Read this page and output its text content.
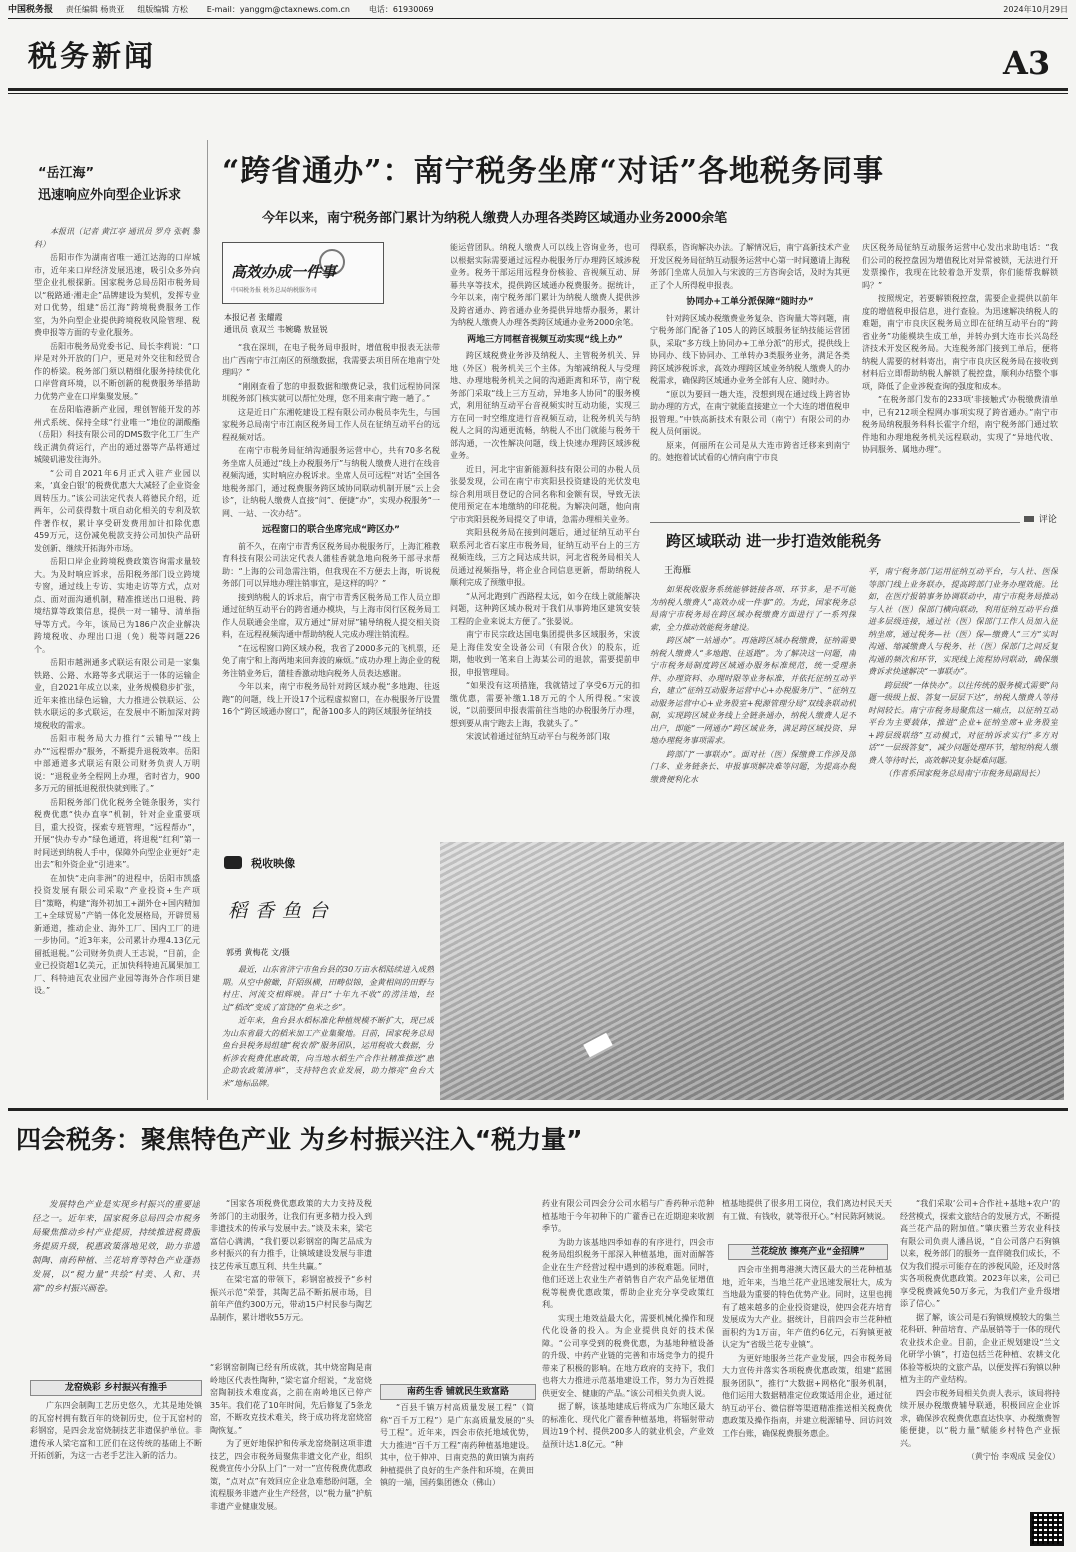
中国税务报 责任编辑 杨贵亚 组版编辑 方松 E-mail：yanggm@ctaxnews.com.cn 电话：61930069	2024年10月29日
税务新闻	A3
“岳江海”
迅速响应外向型企业诉求

本报讯（记者 黄江亭 通讯员 罗舟 张帆 黎科）

岳阳市作为湖南省唯一通江达海的口岸城市，近年来口岸经济发展迅速，吸引众多外向型企业扎根探新。国家税务总局岳阳市税务局以“税路通·湘走企”品牌建设为契机，发挥专业对口优势，组建“岳江海”跨境税费服务工作室，为外向型企业提供跨境税收风险管理、税费申报等方面的专业化服务。

岳阳市税务局党委书记、局长李莉说：“口岸是对外开放的门户，更是对外交往和经贸合作的桥梁。税务部门须以精细化服务持续优化口岸营商环境，以不断创新的税费服务举措助力优势产业在口岸集聚发展。”

在岳阳临港新产业园，理创智能开发的苏州式系统、保持全球“行业唯一”地位的湖酸酯（岳阳）科技有限公司的DMS数字化工厂生产线正满负荷运行，产出的通过器等产品将通过城陵矶港发往海外。

“公司自2021年6月正式入驻产业园以来，‘真金白银’的税费优惠大大减轻了企业资金周转压力。”该公司法定代表人蒋德民介绍，近两年，公司获得数十项自动化相关的专利及软件著作权，累计享受研发费用加计扣除优惠459万元，这份减免税款支持公司加快产品研发创新、继续开拓海外市场。

岳阳口岸企业跨境税费政策咨询需求量较大。为及时响应诉求，岳阳税务部门设立跨境专窗，通过线上专访、实地走访等方式，点对点、面对面沟通机制，精准推送出口退税、跨境结算等政策信息，提供一对一辅导、清单指导等方式。今年，该局已为186户次企业解决跨境税收、办理出口退（免）税等问题226个。

岳阳市越洲通多式联运有限公司是一家集铁路、公路、水路等多式联运于一体的运输企业，自2021年成立以来，业务规模稳步扩张，近年来推出绿色运输，大力推进公铁联运、公铁水联运的多式联运，在发展中不断加深对跨境税收的需求。

岳阳市税务局大力推行“云辅导”“线上办”“远程帮办”服务，不断提升退税效率。岳阳中部通道多式联运有限公司财务负责人万明说：“退税业务全程网上办理，省时省力，900多万元的留抵退税很快就到账了。”

岳阳税务部门优化税务全链条服务，实行税费优惠“快办直享”机制，针对企业重要项目，重大投资，探索专班管理，“远程帮办”，开展“快办专办”绿色通道，将退税“红利”第一时间送到纳税人手中，保障外向型企业更好“走出去”和外资企业“引进来”。

在加快“走向非洲”的进程中，岳阳市凯盛投资发展有限公司采取“产业投资+生产项目”策略，构建“海外初加工+湖外仓+国内精加工+全球贸易”产销一体化发展格局，开辟贸易新通道，推动企业、海外工厂、国内工厂的进一步协同。“近3年来，公司累计办理4.13亿元留抵退税。”公司财务负责人王志说，“目前，企业已投资超1亿美元，正加快科特迪瓦属果加工厂、科特迪瓦农业园产业园等海外合作项目建设。”

“跨省通办”：南宁税务坐席“对话”各地税务同事
今年以来，南宁税务部门累计为纳税人缴费人办理各类跨区域通办业务2000余笔
高效办成一件事
中国税务报 税务总局纳税服务司
本报记者 张耀霞
通讯员 袁双兰 韦婉璐 敖显锐

“我在深圳，在电子税务局申报时，增值税申报表无法带出广西南宁市江南区的预缴数据，我需要去项目所在地南宁处理吗？”

“刚刚查看了您的申报数据和缴费记录，我们远程协同深圳税务部门核实就可以帮忙处理，您不用来南宁跑一趟了。”

这是近日广东湘乾建设工程有限公司办税员李先生，与国家税务总局南宁市江南区税务局工作人员在征纳互动平台的远程视频对话。

在南宁市税务局征纳沟通服务运营中心，共有70多名税务坐席人员通过“线上办税服务厅”与纳税人缴费人进行在线音视频沟通，实时响应办税诉求。坐席人员可远程“对话”全国各地税务部门，通过税费服务跨区域协同联动机制开展“云上会诊”，让纳税人缴费人直接“问”、便捷“办”，实现办税服务“一网、一站、一次办结”。

远程窗口的联合坐席完成“跨区办”

前不久，在南宁市青秀区税务局办税服务厅，上海汇稚教育科技有限公司法定代表人蒲桂香就急地向税务干部寻求帮助：“上海的公司急需注销，但我现在不方便去上海，听说税务部门可以异地办理注销事宜，是这样的吗？”

接到纳税人的诉求后，南宁市青秀区税务局工作人员立即通过征纳互动平台的跨省通办模块，与上海市闵行区税务局工作人员联通会坐席，双方通过“屏对屏”辅导纳税人提交相关资料，在远程视频沟通中帮助纳税人完成办理注销流程。

“在远程窗口跨区域办税，我省了2000多元的飞机票，还免了南宁和上海两地来回奔波的麻烦。”成功办理上海企业的税务注销业务后，蒲桂香激动地向税务人员表达感谢。

今年以来，南宁市税务局针对跨区域办税“多地跑、往返跑”的问题，线上开设17个远程虚拟窗口，在办税服务厅设置16个“跨区域通办窗口”，配备100多人的跨区域服务征纳技

能运营团队。纳税人缴费人可以线上咨询业务，也可以根据实际需要通过远程办税服务厅办理跨区域涉税业务。税务干部运用远程身份核验、音视频互动、屏幕共享等技术，提供跨区域通办税费服务。据统计，今年以来，南宁税务部门累计为纳税人缴费人提供涉及跨省通办、跨省通办业务提供异地帮办服务，累计为纳税人缴费人办理各类跨区域通办业务2000余笔。

两地三方同框音视频互动实现“线上办”

跨区域税费业务涉及纳税人、主管税务机关、异地（外区）税务机关三个主体。为缩减纳税人与受理地、办理地税务机关之间的沟通距离和环节，南宁税务部门采取“线上三方互动，异地多人协同”的服务模式，利用征纳互动平台音视频实时互动功能，实现三方在同一时空维度进行音视频互动，让税务机关与纳税人之间的沟通更流畅，纳税人不出门就能与税务干部沟通，一次性解决问题，线上快速办理跨区域涉税业务。

近日，河北宇宙新能源科技有限公司的办税人员张晏发现，公司在南宁市宾阳县投资建设的光伏发电综合利用项目登记的合同名称和金额有误，导致无法使用预定在本地缴纳的印花税。为解决问题，他向南宁市宾阳县税务局提交了申请，急需办理相关业务。

宾阳县税务局在接到问题后，通过征纳互动平台联系河北省石家庄市税务局，征纳互动平台上的三方视频连线，三方之间达成共识，河北省税务局相关人员通过视频指导，将企业合同信息更新，帮助纳税人顺利完成了预缴申报。

“从河北跑到广西路程太远，如今在线上就能解决问题，这种跨区域办税对于我们从事跨地区建筑安装工程的企业来说太方便了。”张晏说。

南宁市民宗政达国电集团提供多区域服务，宋波是上海佳发安全设备公司（有限合伙）的股东，近期，他收到一笔来自上海某公司的退款，需要提前申报，申报管理局。

“如果没有这项措施，我就错过了享受6万元的扣缴优惠，需要补缴1.18万元的个人所得税。”宋波说，“以前要回申报表需前往当地的办税服务厅办理，想到要从南宁跑去上海，我就头了。”

宋波试着通过征纳互动平台与税务部门取

得联系，咨询解决办法。了解情况后，南宁高新技术产业开发区税务局征纳互动服务运营中心第一时间邀请上海税务部门坐席人员加入与宋波的三方咨询会话，及时为其更正了个人所得税申报表。

协同办+工单分派保障“随时办”

针对跨区域办税缴费业务复杂、咨询量大等问题，南宁税务部门配备了105人的跨区域服务征纳技能运营团队，采取“多方线上协同办+工单分派”的形式，提供线上协同办、线下协同办、工单转办3类服务业务，满足各类跨区域涉税诉求，高效办理跨区域业务纳税人缴费人的办税需求，确保跨区域通办业务全部有人应、随时办。

“原以为要回一趟大连，没想到现在通过线上跨省协助办理的方式，在南宁就能直接建立一个大连的增值税申报管理。”中铁高新技术有限公司（南宁）有限公司的办税人员何丽说。

原来，何丽所在公司是从大连市跨省迁移来到南宁的。她抱着试试看的心情向南宁市良

庆区税务局征纳互动服务运营中心发出求助电话：“我们公司的税控盘因为增值税比对异常被锁，无法进行开发票操作，我现在比较着急开发票，你们能帮我解锁吗？”

按照规定，若要解锁税控盘，需要企业提供以前年度的增值税申报信息，进行查验。为迅速解决纳税人的难题，南宁市良庆区税务局立即在征纳互动平台的“跨省业务”功能模块生成工单，并转办到大连市长兴岛经济技术开发区税务局。大连税务部门接到工单后，便将纳税人需要的材料寄出，南宁市良庆区税务局在接收到材料后立即帮助纳税人解锁了税控盘，顺利办结整个事项，降低了企业涉税查询的强度和成本。

“在税务部门发布的233项‘非接触式’办税缴费清单中，已有212项全程网办事项实现了跨省通办。”南宁市税务局纳税服务科科长霍字介绍，南宁税务部门通过软件地和办理地税务机关远程联动，实现了“异地代收、协同服务、属地办理”。

评论
跨区域联动 进一步打造效能税务
王海雁

如果税收服务系统能够链接各项、环节多，是不可能为纳税人缴费人“高效办成一件事”的。为此，国家税务总局南宁市税务局在跨区域办税缴费方面进行了一系列探索，全力推动效能税务建设。

跨区域“一站通办”。再施跨区域办税缴费，征纳需要纳税人缴费人“多地跑、往返跑”。为了解决这一问题，南宁市税务局制度跨区域通办服务标准规范，统一受理条件、办理资料、办理时限等业务标准，并依托征纳互动平台，建立“征纳互动服务运营中心+办税服务厅”、“征纳互动服务运营中心+业务股室+税源管理分局”双线条联动机制，实现跨区域业务线上全链条通办，纳税人缴费人足不出户，即能“一网通办”跨区域业务，满足跨区域投资、异地办理税务事项需求。

跨部门“一事联办”。面对社（医）保缴费工作涉及部门多、业务链条长、申报事项解决难等问题，为提高办税缴费便利化水

平，南宁税务部门运用征纳互动平台，与人社、医保等部门线上业务联办，提高跨部门业务办理效能。比如，在医疗报销事务协调联动中，南宁市税务局推动与人社（医）保部门横向联动，利用征纳互动平台推进多层级连接，通过社（医）保部门工作人员加入征纳坐席，通过税务—社（医）保—缴费人“三方”实时沟通、缩减缴费人与税务、社（医）保部门之间反复沟通的频次和环节，实现线上流程协同联动，确保缴费诉求快速解决“一事联办”。

跨层级“一体快办”。以往传统的服务模式需要“问题一级级上报、答复一层层下达”，纳税人缴费人等待时间较长。南宁市税务局聚焦这一痛点，以征纳互动平台为主要载体，推进“企业+征纳坐席+业务股室+跨层级联络”互动模式，对征纳诉求实行“多方对话”“一层级答复”，减少问题处理环节，缩短纳税人缴费人等待时长，高效解决复杂疑难问题。

（作者系国家税务总局南宁市税务局副局长）

税收映像
稻香鱼台
郭勇 黄梅花 文/摄

最近，山东省济宁市鱼台县的30万亩水稻陆续进入成熟期。从空中俯瞰，阡陌纵横，田畴似锦，金黄相间的田野与村庄、河流交相辉映。昔日“十年九不收”的涝洼地，经过“稻改”变成了富饶的“鱼米之乡”。

近年来，鱼台县水稻标准化种植规模不断扩大，现已成为山东省最大的稻米加工产业集聚地。目前，国家税务总局鱼台县税务局组建“税农帮”服务团队，运用税收大数据，分析涉农税费优惠政策，向当地水稻生产合作社精准推送“惠企助农政策清单”，支持特色农业发展，助力擦亮“鱼台大米”地标品牌。

四会税务：聚焦特色产业 为乡村振兴注入“税力量”
发展特色产业是实现乡村振兴的重要途径之一。近年来，国家税务总局四会市税务局聚焦推动乡村产业提质，持续推进税费服务提质升级，税惠政策落地见效，助力非遗制陶、南药种植、兰花培育等特色产业蓬勃发展，以“税力量”共绘“村美、人和、共富”的乡村振兴画卷。
龙窑焕彩 乡村振兴有推手

广东四会制陶工艺历史悠久，尤其是地处镇的瓦窑村拥有数百年的烧制历史，位于瓦窑村的彩钢窑，是四会龙窑烧制技艺非遗保护单位。非遗传承人梁宅富和工匠们在这传统的基础上不断开拓创新，为这一古老手艺注入新的活力。

“彩钢窑制陶已经有所成就，其中烧窑陶是南岭地区代表性陶种，”梁宅富介绍说，“龙窑烧窑陶制技术难度高，之前在南岭地区已停产35年。我们花了10年时间，先后修复了5条龙窑，不断攻克技术难关，终于成功将龙窑烧窑陶恢复。”

为了更好地保护和传承龙窑烧制这项非遗技艺，四会市税务局聚焦非遗文化产业，组织税费宣传小分队上门“一对一”宣传税费优惠政策，“点对点”有效回应企业急难愁盼问题，全流程服务非遗产业生产经营，以“税力量”护航非遗产业健康发展。

“国家各项税费优惠政策的大力支持及税务部门的主动服务，让我们有更多精力投入到非遗技术的传承与发展中去。”谈及未来，梁宅富信心满满，“我们要以彩钢窑的陶艺品成为乡村振兴的有力推手，让镇域建设发展与非遗技艺传承互惠互利、共生共赢。”

在梁宅富的带领下，彩钢窑被授予“乡村振兴示范”荣誉，其陶艺品不断拓展市场，目前年产值约300万元，带动15户村民参与陶艺品制作，累计增收55万元。

南药生香 铺就民生致富路

“百县千镇万村高质量发展工程”（简称“百千万工程”）是广东高质量发展的“头号工程”。近年来，四会市依托地域优势，大力推进“百千万工程”南药种植基地建设。其中，位于伸冲、日南克热的黄田镇为南药种植提供了良好的生产条件和环境，在黄田镇的一端，国药集团德众（佛山）

药业有限公司四会分公司水稻与广香药种示范种植基地于今年初种下的广藿香已在近期迎来收割季节。

为助力该基地四季如春的有序进行，四会市税务局组织税务干部深入种植基地，面对面解答企业在生产经营过程中遇到的涉税难题。同时，他们还送上农业生产者销售自产农产品免征增值税等税费优惠政策，帮助企业充分享受政策红利。

实现土地效益最大化，需要机械化操作和现代化设备的投入。为企业提供良好的技术保障。“公司享受到的税费优惠，为基地种植设备的升级、中药产业链的完善和市场竞争力的提升带来了积极的影响。在地方政府的支持下，我们也将大力推进示范基地建设工作，努力为百姓提供更安全、健康的产品。”该公司相关负责人说。

据了解，该基地建成后将成为广东地区最大的标准化、现代化广藿香种植基地，将辐射带动周边19个村、提供200多人的就业机会，产业效益预计达1.8亿元。“种

植基地提供了很多用工岗位，我们离边村民天天有工做、有钱收，就等很开心。”村民陈阿姨说。

兰花绽放 擦亮产业“金招牌”

四会市坐拥粤港澳大湾区最大的兰花种植基地，近年来，当地兰花产业迅速发展壮大，成为当地最为重要的特色优势产业。同时，这里也拥有了越来越多的企业投资建设，使四会花卉培育发展成为大产业。据统计，目前四会市兰花种植面积约为1万亩，年产值约6亿元，石狗镇更被认定为“省级兰花专业镇”。

为更好地服务兰花产业发展，四会市税务局大力宣传并落实各项税费优惠政策，组建“蓝围服务团队”，推行“大数据+网格化”服务机制，他们运用大数据精准定位政策适用企业，通过征纳互动平台、微信群等渠道精准推送相关税费优惠政策及操作指南，并建立税源辅导、回访问效工作台账，确保税费服务惠企。

“我们采取‘公司+合作社+基地+农户’的经营模式，探索文旅结合的发展方式，不断提高兰花产品的附加值。”肇庆雅兰芳农业科技有限公司负责人潘昌说，“自公司落户石狗镇以来，税务部门的服务一直伴随我们成长，不仅为我们提示可能存在的涉税风险，还及时落实各项税费优惠政策。2023年以来，公司已享受税费减免50万多元，为我们产业升级增添了信心。”

据了解，该公司是石狗镇规模较大的集兰花科研、种苗培育、产品展销等于一体的现代农业技术企业。目前，企业正规划建设“兰文化研学小镇”，打造包括兰花种植、农耕文化体验等板块的文旅产品，以便发挥石狗镇以种植为主的产业结构。

四会市税务局相关负责人表示，该局将持续开展办税缴费辅导联通，积极回应企业诉求，确保涉农税费优惠直达快享、办税缴费智能便捷，以“税力量”赋能乡村特色产业振兴。

（黄宁怡 李观成 吴金仪）
